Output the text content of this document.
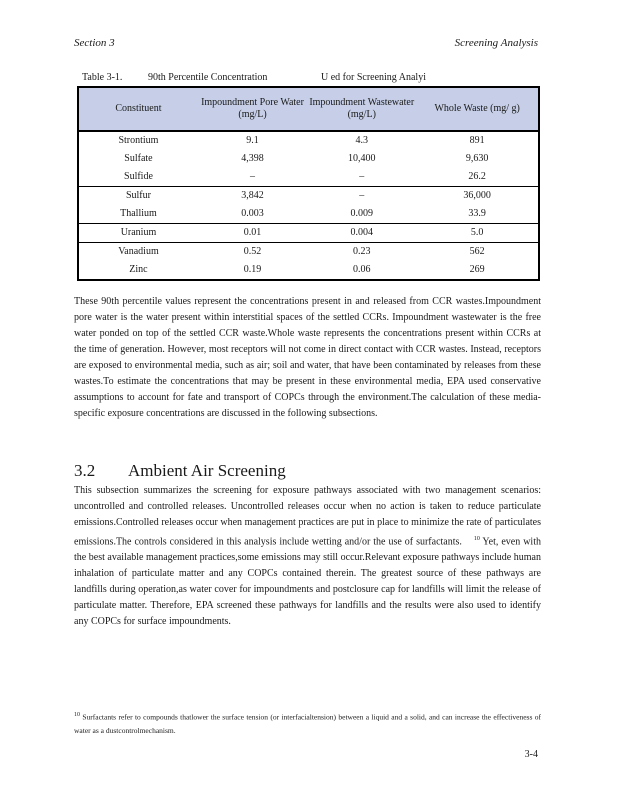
Section 3	Screening Analysis
Table 3-1.	90th Percentile Concentration	U ed for Screening Analyi
Constituent	Impoundment Pore Water (mg/L)	Impoundment Wastewater (mg/L)	Whole Waste (mg/ g)
Strontium	9.1	4.3	891
Sulfate	4,398	10,400	9,630
Sulfide	–	–	26.2
Sulfur	3,842	–	36,000
Thallium	0.003	0.009	33.9
Uranium	0.01	0.004	5.0
Vanadium	0.52	0.23	562
Zinc	0.19	0.06	269

These 90th percentile values represent the concentrations present in and released from CCR wastes.Impoundment pore water is the water present within interstitial spaces of the settled CCRs. Impoundment wastewater is the free water ponded on top of the settled CCR waste.Whole waste represents the concentrations present within CCRs at the time of generation. However, most receptors will not come in direct contact with CCR wastes. Instead, receptors are exposed to environmental media, such as air; soil and water, that have been contaminated by releases from these wastes.To estimate the concentrations that may be present in these environmental media, EPA used conservative assumptions to account for fate and transport of COPCs through the environment.The calculation of these media-specific exposure concentrations are discussed in the following subsections.

3.2 Ambient Air Screening

This subsection summarizes the screening for exposure pathways associated with two management scenarios: uncontrolled and controlled releases. Uncontrolled releases occur when no action is taken to reduce particulate emissions.Controlled releases occur when management practices are put in place to minimize the rate of particulates emissions.The controls considered in this analysis include wetting and/or the use of surfactants. $^{10}$ Yet, even with the best available management practices,some emissions may still occur.Relevant exposure pathways include human inhalation of particulate matter and any COPCs contained therein. The greatest source of these pathways are landfills during operation,as water cover for impoundments and postclosure cap for landfills will limit the release of particulate matter. Therefore, EPA screened these pathways for landfills and the results were also used to identify any COPCs for surface impoundments.

$^{10}$ Surfactants refer to compounds thatlower the surface tension (or interfacialtension) between a liquid and a solid, and can increase the effectiveness of water as a dustcontrolmechanism.

3-4
